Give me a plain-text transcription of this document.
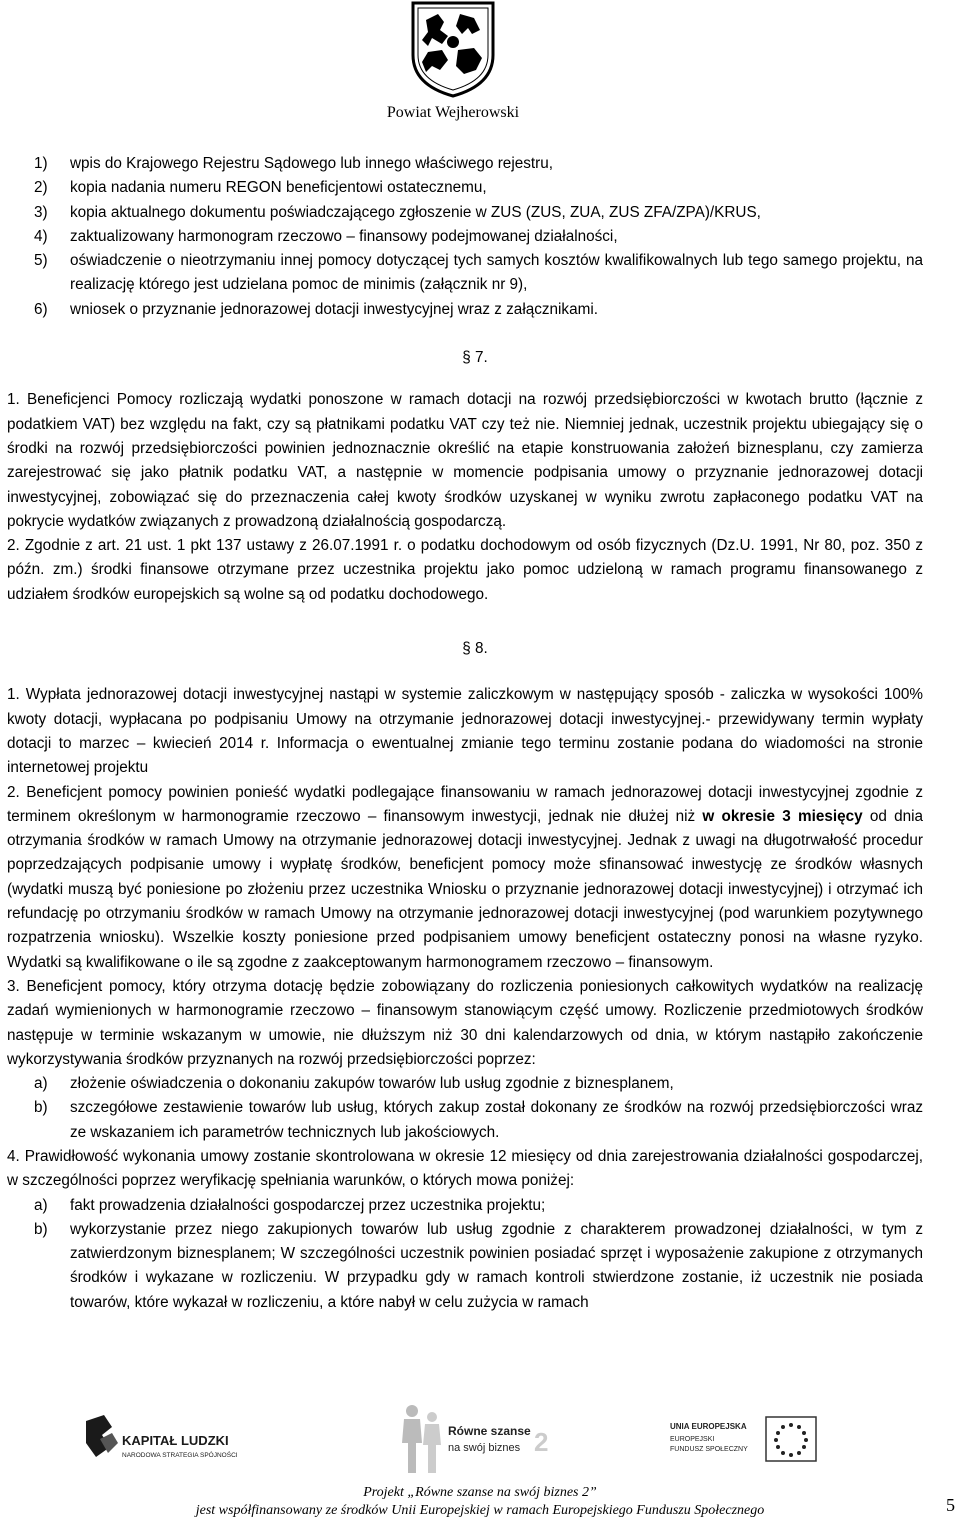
Powiat Wejherowski
1) wpis do Krajowego Rejestru Sądowego lub innego właściwego rejestru,
2) kopia nadania numeru REGON beneficjentowi ostatecznemu,
3) kopia aktualnego dokumentu poświadczającego zgłoszenie w ZUS (ZUS, ZUA, ZUS ZFA/ZPA)/KRUS,
4) zaktualizowany harmonogram rzeczowo – finansowy podejmowanej działalności,
5) oświadczenie o nieotrzymaniu innej pomocy dotyczącej tych samych kosztów kwalifikowalnych lub tego samego projektu, na realizację którego jest udzielana pomoc de minimis (załącznik nr 9),
6) wniosek o przyznanie jednorazowej dotacji inwestycyjnej wraz z załącznikami.
§ 7.

1. Beneficjenci Pomocy rozliczają wydatki ponoszone w ramach dotacji na rozwój przedsiębiorczości w kwotach brutto (łącznie z podatkiem VAT) bez względu na fakt, czy są płatnikami podatku VAT czy też nie. Niemniej jednak, uczestnik projektu ubiegający się o środki na rozwój przedsiębiorczości powinien jednoznacznie określić na etapie konstruowania założeń biznesplanu, czy zamierza zarejestrować się jako płatnik podatku VAT, a następnie w momencie podpisania umowy o przyznanie jednorazowej dotacji inwestycyjnej, zobowiązać się do przeznaczenia całej kwoty środków uzyskanej w wyniku zwrotu zapłaconego podatku VAT na pokrycie wydatków związanych z prowadzoną działalnością gospodarczą.

2. Zgodnie z art. 21 ust. 1 pkt 137 ustawy z 26.07.1991 r. o podatku dochodowym od osób fizycznych (Dz.U. 1991, Nr 80, poz. 350 z późn. zm.) środki finansowe otrzymane przez uczestnika projektu jako pomoc udzieloną w ramach programu finansowanego z udziałem środków europejskich są wolne są od podatku dochodowego.

§ 8.

1. Wypłata jednorazowej dotacji inwestycyjnej nastąpi w systemie zaliczkowym w następujący sposób - zaliczka w wysokości 100% kwoty dotacji, wypłacana po podpisaniu Umowy na otrzymanie jednorazowej dotacji inwestycyjnej.- przewidywany termin wypłaty dotacji to marzec – kwiecień 2014 r. Informacja o ewentualnej zmianie tego terminu zostanie podana do wiadomości na stronie internetowej projektu

2. Beneficjent pomocy powinien ponieść wydatki podlegające finansowaniu w ramach jednorazowej dotacji inwestycyjnej zgodnie z terminem określonym w harmonogramie rzeczowo – finansowym inwestycji, jednak nie dłużej niż w okresie 3 miesięcy od dnia otrzymania środków w ramach Umowy na otrzymanie jednorazowej dotacji inwestycyjnej. Jednak z uwagi na długotrwałość procedur poprzedzających podpisanie umowy i wypłatę środków, beneficjent pomocy może sfinansować inwestycję ze środków własnych (wydatki muszą być poniesione po złożeniu przez uczestnika Wniosku o przyznanie jednorazowej dotacji inwestycyjnej) i otrzymać ich refundację po otrzymaniu środków w ramach Umowy na otrzymanie jednorazowej dotacji inwestycyjnej (pod warunkiem pozytywnego rozpatrzenia wniosku). Wszelkie koszty poniesione przed podpisaniem umowy beneficjent ostateczny ponosi na własne ryzyko. Wydatki są kwalifikowane o ile są zgodne z zaakceptowanym harmonogramem rzeczowo – finansowym.

3. Beneficjent pomocy, który otrzyma dotację będzie zobowiązany do rozliczenia poniesionych całkowitych wydatków na realizację zadań wymienionych w harmonogramie rzeczowo – finansowym stanowiącym część umowy. Rozliczenie przedmiotowych środków następuje w terminie wskazanym w umowie, nie dłuższym niż 30 dni kalendarzowych od dnia, w którym nastąpiło zakończenie wykorzystywania środków przyznanych na rozwój przedsiębiorczości poprzez:

a) złożenie oświadczenia o dokonaniu zakupów towarów lub usług zgodnie z biznesplanem,
b) szczegółowe zestawienie towarów lub usług, których zakup został dokonany ze środków na rozwój przedsiębiorczości wraz ze wskazaniem ich parametrów technicznych lub jakościowych.

4. Prawidłowość wykonania umowy zostanie skontrolowana w okresie 12 miesięcy od dnia zarejestrowania działalności gospodarczej, w szczególności poprzez weryfikację spełniania warunków, o których mowa poniżej:

a) fakt prowadzenia działalności gospodarczej przez uczestnika projektu;
b) wykorzystanie przez niego zakupionych towarów lub usług zgodnie z charakterem prowadzonej działalności, w tym z zatwierdzonym biznesplanem; W szczególności uczestnik powinien posiadać sprzęt i wyposażenie zakupione z otrzymanych środków i wykazane w rozliczeniu. W przypadku gdy w ramach kontroli stwierdzone zostanie, iż uczestnik nie posiada towarów, które wykazał w rozliczeniu, a które nabył w celu zużycia w ramach
KAPITAŁ LUDZKI
NARODOWA STRATEGIA SPÓJNOŚCI
Równe szanse
na swój biznes 2
UNIA EUROPEJSKA
EUROPEJSKI
FUNDUSZ SPOŁECZNY
Projekt „Równe szanse na swój biznes 2”
jest współfinansowany ze środków Unii Europejskiej w ramach Europejskiego Funduszu Społecznego	5
